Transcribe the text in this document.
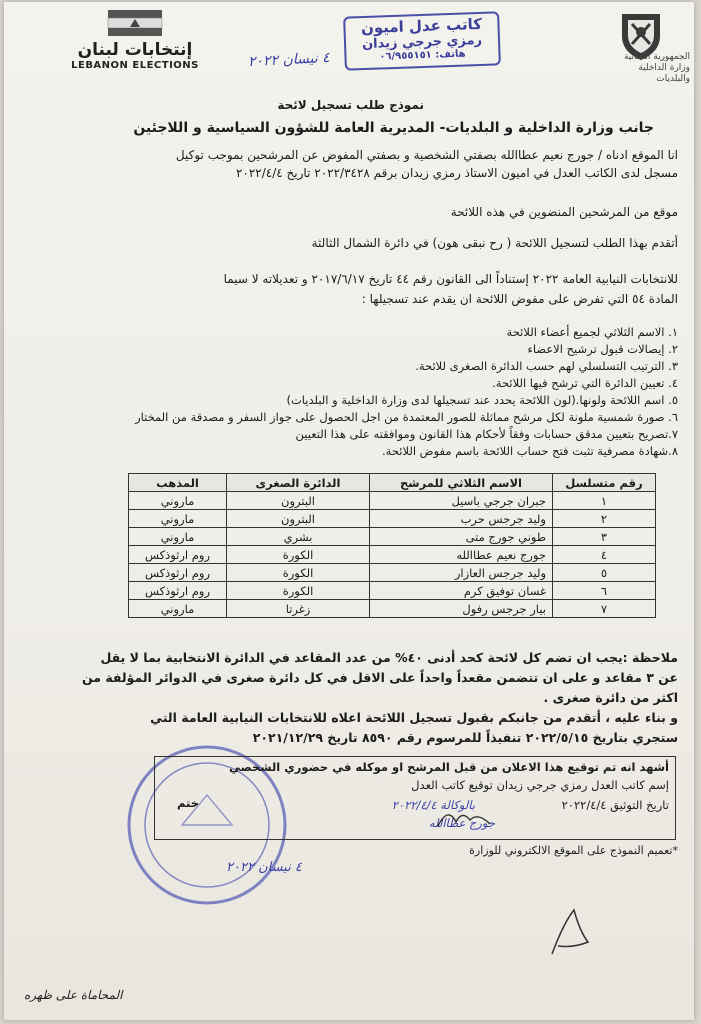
إنتخابات لبنان
LEBANON ELECTIONS
كاتب عدل اميون
رمزي جرجي زيدان
هاتف: ٠٦/٩٥٥١٥١
٤ نيسان ٢٠٢٢	الجمهورية اللبنانية
وزارة الداخلية
والبلديات
نموذج طلب تسجيل لائحة
جانب وزارة الداخلية و البلديات- المديرية العامة للشؤون السياسية و اللاجئين
انا الموقع ادناه / جورج نعيم عطاالله بصفتي الشخصية و بصفتي المفوض عن المرشحين بموجب توكيل
مسجل لدى الكاتب العدل في اميون الاستاذ رمزي زيدان برقم ٢٠٢٢/٣٤٢٨ تاريخ ٢٠٢٢/٤/٤
موقع من المرشحين المنضوين في هذه اللائحة
أتقدم بهذا الطلب لتسجيل اللائحة ( رح نبقى هون) في دائرة الشمال الثالثة
للانتخابات النيابية العامة ٢٠٢٢ إستناداً الى القانون رقم ٤٤ تاريخ ٢٠١٧/٦/١٧ و تعديلاته لا سيما
المادة ٥٤ التي تفرض على مفوض اللائحة ان يقدم عند تسجيلها :
١. الاسم الثلاثي لجميع أعضاء اللائحة
٢. إيصالات قبول ترشيح الاعضاء
٣. الترتيب التسلسلي لهم حسب الدائرة الصغرى للائحة.
٤. تعيين الدائرة التي ترشح فيها اللائحة.
٥. اسم اللائحة ولونها.(لون اللائحة يحدد عند تسجيلها لدى وزارة الداخلية و البلديات)
٦. صورة شمسية ملونة لكل مرشح مماثلة للصور المعتمدة من اجل الحصول على جواز السفر و مصدقة من المختار
٧.تصريح بتعيين مدقق حسابات وفقاً لأحكام هذا القانون وموافقته على هذا التعيين
٨.شهادة مصرفية تثبت فتح حساب اللائحة باسم مفوض اللائحة.
رقم متسلسل	الاسم الثلاثي للمرشح	الدائرة الصغرى	المذهب
١	جبران جرجي باسيل	البترون	ماروني
٢	وليد جرجس حرب	البترون	ماروني
٣	طوني جورج متى	بشري	ماروني
٤	جورج نعيم عطاالله	الكورة	روم ارثوذكس
٥	وليد جرجس العازار	الكورة	روم ارثوذكس
٦	غسان توفيق كرم	الكورة	روم ارثوذكس
٧	بيار جرجس رفول	زغرتا	ماروني
ملاحظة :يجب ان تضم كل لائحة كحد أدنى ٤٠% من عدد المقاعد في الدائرة الانتخابية بما لا يقل
عن ٣ مقاعد و على ان تتضمن مقعداً واحداً على الاقل في كل دائرة صغرى في الدوائر المؤلفة من
اكثر من دائرة صغرى .
و بناء عليه ، أتقدم من جانبكم بقبول تسجيل اللائحة اعلاه للانتخابات النيابية العامة التي
ستجري بتاريخ ٢٠٢٢/٥/١٥ تنفيذاً للمرسوم رقم ٨٥٩٠ تاريخ ٢٠٢١/١٢/٢٩
أشهد انه تم توقيع هذا الاعلان من قبل المرشح او موكله في حضوري الشخصي
إسم كاتب العدل رمزي جرجي زيدان توقيع كاتب العدل
تاريخ التوثيق ٢٠٢٢/٤/٤
بالوكالة ٢٠٢٢/٤/٤
جورج عطاالله
ختم
*تعميم النموذج على الموقع الالكتروني للوزارة
٤ نيسان ٢٠٢٢
المحاماة على ظهره
